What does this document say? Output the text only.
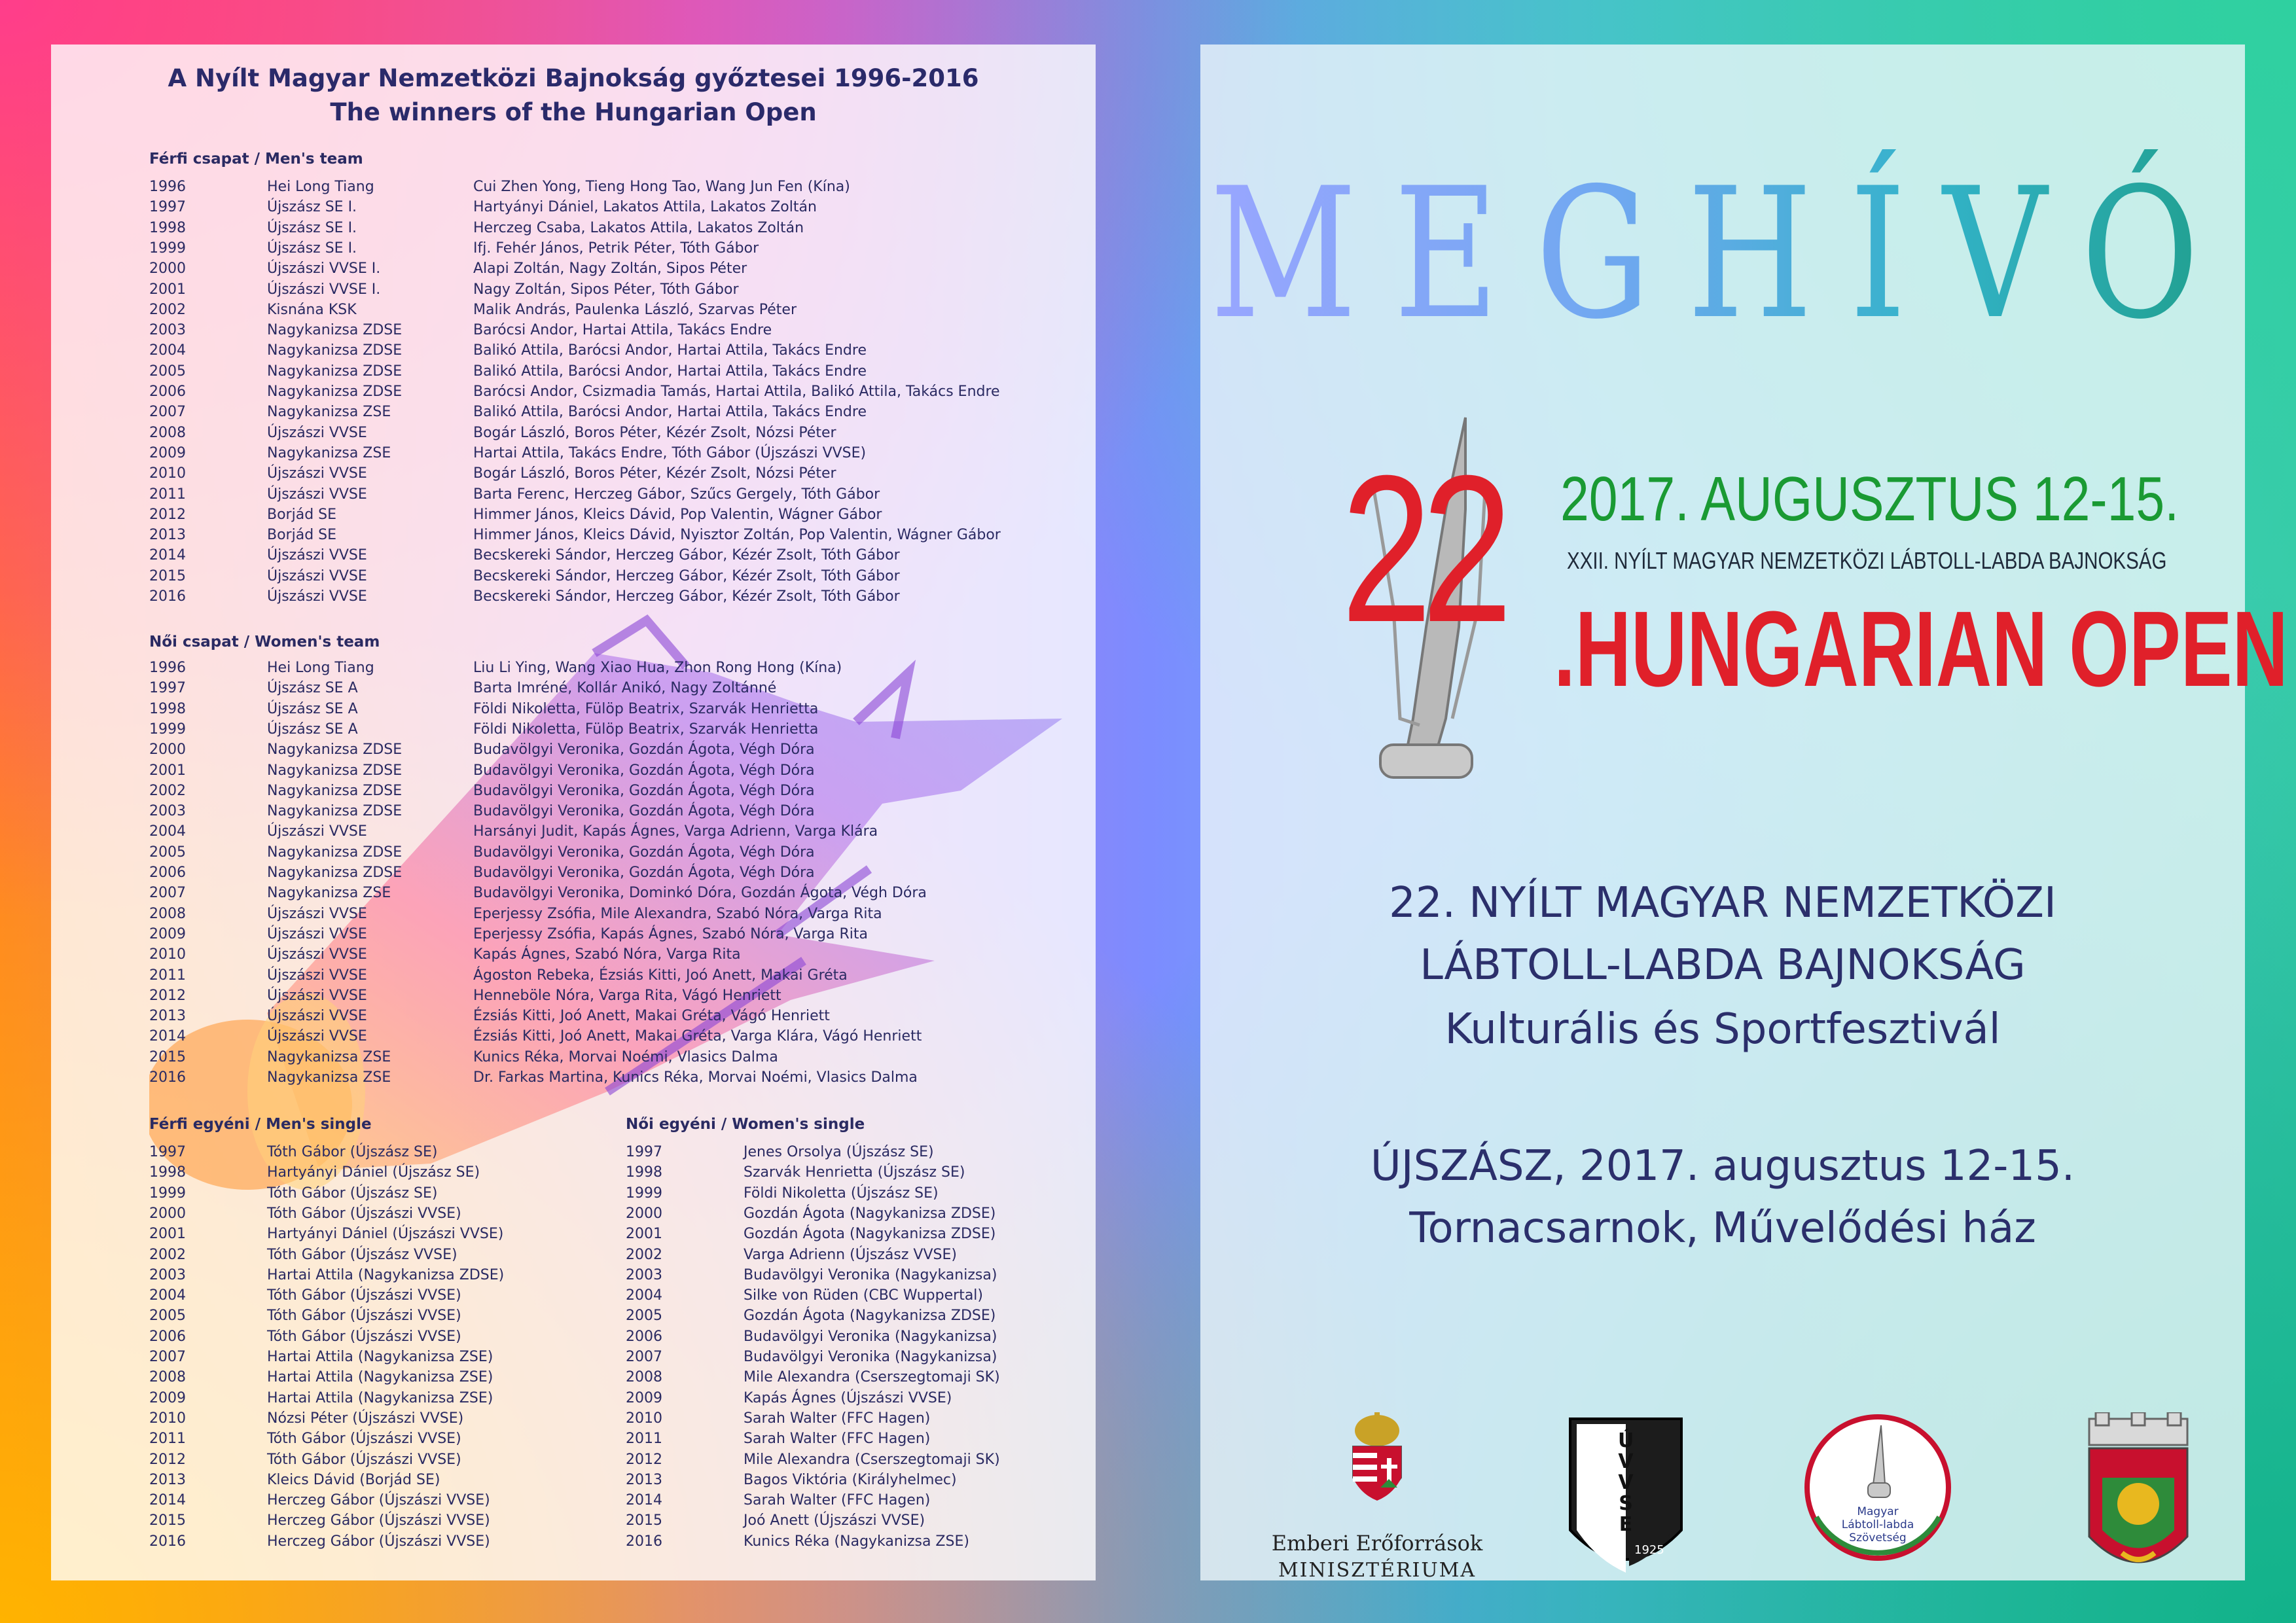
A Nyílt Magyar Nemzetközi Bajnokság győztesei 1996-2016
The winners of the Hungarian Open
Férfi csapat / Men's team
1996	Hei Long Tiang	Cui Zhen Yong, Tieng Hong Tao, Wang Jun Fen (Kína)
1997	Újszász SE I.	Hartyányi Dániel, Lakatos Attila, Lakatos Zoltán
1998	Újszász SE I.	Herczeg Csaba, Lakatos Attila, Lakatos Zoltán
1999	Újszász SE I.	Ifj. Fehér János, Petrik Péter, Tóth Gábor
2000	Újszászi VVSE I.	Alapi Zoltán, Nagy Zoltán, Sipos Péter
2001	Újszászi VVSE I.	Nagy Zoltán, Sipos Péter, Tóth Gábor
2002	Kisnána KSK	Malik András, Paulenka László, Szarvas Péter
2003	Nagykanizsa ZDSE	Barócsi Andor, Hartai Attila, Takács Endre
2004	Nagykanizsa ZDSE	Balikó Attila, Barócsi Andor, Hartai Attila, Takács Endre
2005	Nagykanizsa ZDSE	Balikó Attila, Barócsi Andor, Hartai Attila, Takács Endre
2006	Nagykanizsa ZDSE	Barócsi Andor, Csizmadia Tamás, Hartai Attila, Balikó Attila, Takács Endre
2007	Nagykanizsa ZSE	Balikó Attila, Barócsi Andor, Hartai Attila, Takács Endre
2008	Újszászi VVSE	Bogár László, Boros Péter, Kézér Zsolt, Nózsi Péter
2009	Nagykanizsa ZSE	Hartai Attila, Takács Endre, Tóth Gábor (Újszászi VVSE)
2010	Újszászi VVSE	Bogár László, Boros Péter, Kézér Zsolt, Nózsi Péter
2011	Újszászi VVSE	Barta Ferenc, Herczeg Gábor, Szűcs Gergely, Tóth Gábor
2012	Borjád SE	Himmer János, Kleics Dávid, Pop Valentin, Wágner Gábor
2013	Borjád SE	Himmer János, Kleics Dávid, Nyisztor Zoltán, Pop Valentin, Wágner Gábor
2014	Újszászi VVSE	Becskereki Sándor, Herczeg Gábor, Kézér Zsolt, Tóth Gábor
2015	Újszászi VVSE	Becskereki Sándor, Herczeg Gábor, Kézér Zsolt, Tóth Gábor
2016	Újszászi VVSE	Becskereki Sándor, Herczeg Gábor, Kézér Zsolt, Tóth Gábor
Női csapat / Women's team
1996	Hei Long Tiang	Liu Li Ying, Wang Xiao Hua, Zhon Rong Hong (Kína)
1997	Újszász SE A	Barta Imréné, Kollár Anikó, Nagy Zoltánné
1998	Újszász SE A	Földi Nikoletta, Fülöp Beatrix, Szarvák Henrietta
1999	Újszász SE A	Földi Nikoletta, Fülöp Beatrix, Szarvák Henrietta
2000	Nagykanizsa ZDSE	Budavölgyi Veronika, Gozdán Ágota, Végh Dóra
2001	Nagykanizsa ZDSE	Budavölgyi Veronika, Gozdán Ágota, Végh Dóra
2002	Nagykanizsa ZDSE	Budavölgyi Veronika, Gozdán Ágota, Végh Dóra
2003	Nagykanizsa ZDSE	Budavölgyi Veronika, Gozdán Ágota, Végh Dóra
2004	Újszászi VVSE	Harsányi Judit, Kapás Ágnes, Varga Adrienn, Varga Klára
2005	Nagykanizsa ZDSE	Budavölgyi Veronika, Gozdán Ágota, Végh Dóra
2006	Nagykanizsa ZDSE	Budavölgyi Veronika, Gozdán Ágota, Végh Dóra
2007	Nagykanizsa ZSE	Budavölgyi Veronika, Dominkó Dóra, Gozdán Ágota, Végh Dóra
2008	Újszászi VVSE	Eperjessy Zsófia, Mile Alexandra, Szabó Nóra, Varga Rita
2009	Újszászi VVSE	Eperjessy Zsófia, Kapás Ágnes, Szabó Nóra, Varga Rita
2010	Újszászi VVSE	Kapás Ágnes, Szabó Nóra, Varga Rita
2011	Újszászi VVSE	Ágoston Rebeka, Ézsiás Kitti, Joó Anett, Makai Gréta
2012	Újszászi VVSE	Henneböle Nóra, Varga Rita, Vágó Henriett
2013	Újszászi VVSE	Ézsiás Kitti, Joó Anett, Makai Gréta, Vágó Henriett
2014	Újszászi VVSE	Ézsiás Kitti, Joó Anett, Makai Gréta, Varga Klára, Vágó Henriett
2015	Nagykanizsa ZSE	Kunics Réka, Morvai Noémi, Vlasics Dalma
2016	Nagykanizsa ZSE	Dr. Farkas Martina, Kunics Réka, Morvai Noémi, Vlasics Dalma
Férfi egyéni / Men's single
1997	Tóth Gábor (Újszász SE)
1998	Hartyányi Dániel (Újszász SE)
1999	Tóth Gábor (Újszász SE)
2000	Tóth Gábor (Újszászi VVSE)
2001	Hartyányi Dániel (Újszászi VVSE)
2002	Tóth Gábor (Újszász VVSE)
2003	Hartai Attila (Nagykanizsa ZDSE)
2004	Tóth Gábor (Újszászi VVSE)
2005	Tóth Gábor (Újszászi VVSE)
2006	Tóth Gábor (Újszászi VVSE)
2007	Hartai Attila (Nagykanizsa ZSE)
2008	Hartai Attila (Nagykanizsa ZSE)
2009	Hartai Attila (Nagykanizsa ZSE)
2010	Nózsi Péter (Újszászi VVSE)
2011	Tóth Gábor (Újszászi VVSE)
2012	Tóth Gábor (Újszászi VVSE)
2013	Kleics Dávid (Borjád SE)
2014	Herczeg Gábor (Újszászi VVSE)
2015	Herczeg Gábor (Újszászi VVSE)
2016	Herczeg Gábor (Újszászi VVSE)
Női egyéni / Women's single
1997	Jenes Orsolya (Újszász SE)
1998	Szarvák Henrietta (Újszász SE)
1999	Földi Nikoletta (Újszász SE)
2000	Gozdán Ágota (Nagykanizsa ZDSE)
2001	Gozdán Ágota (Nagykanizsa ZDSE)
2002	Varga Adrienn (Újszász VVSE)
2003	Budavölgyi Veronika (Nagykanizsa)
2004	Silke von Rüden (CBC Wuppertal)
2005	Gozdán Ágota (Nagykanizsa ZDSE)
2006	Budavölgyi Veronika (Nagykanizsa)
2007	Budavölgyi Veronika (Nagykanizsa)
2008	Mile Alexandra (Cserszegtomaji SK)
2009	Kapás Ágnes (Újszászi VVSE)
2010	Sarah Walter (FFC Hagen)
2011	Sarah Walter (FFC Hagen)
2012	Mile Alexandra (Cserszegtomaji SK)
2013	Bagos Viktória (Királyhelmec)
2014	Sarah Walter (FFC Hagen)
2015	Joó Anett (Újszászi VVSE)
2016	Kunics Réka (Nagykanizsa ZSE)
MEGHÍVÓ
22 2017. AUGUSZTUS 12-15.
XXII. NYÍLT MAGYAR NEMZETKÖZI LÁBTOLL-LABDA BAJNOKSÁG
.HUNGARIAN OPEN
22. NYÍLT MAGYAR NEMZETKÖZI
LÁBTOLL-LABDA BAJNOKSÁG
Kulturális és Sportfesztivál
ÚJSZÁSZ, 2017. augusztus 12-15.
Tornacsarnok, Művelődési ház
Emberi Erőforrások
MINISZTÉRIUMA
ÚVVSE
1925
Magyar
Lábtoll-labda
Szövetség
